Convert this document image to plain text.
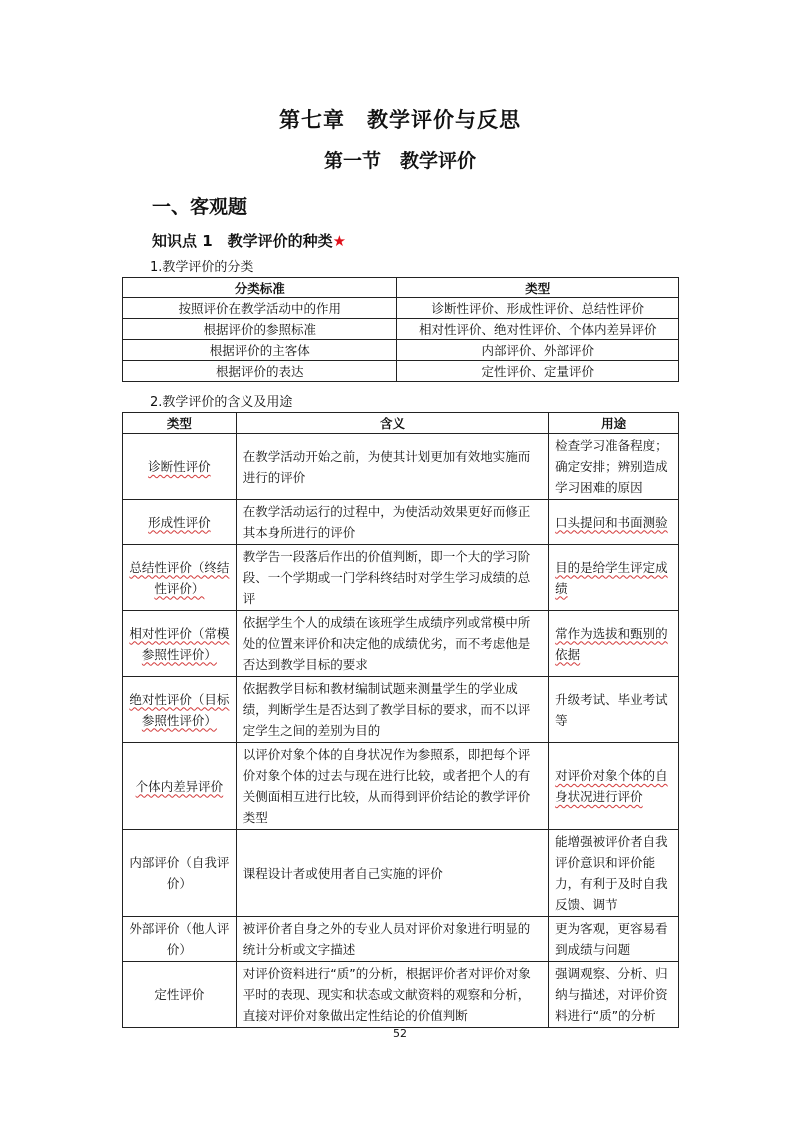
第七章　教学评价与反思
第一节　教学评价
一、客观题
知识点 1　教学评价的种类★
1.教学评价的分类
分类标准	类型
按照评价在教学活动中的作用	诊断性评价、形成性评价、总结性评价
根据评价的参照标准	相对性评价、绝对性评价、个体内差异评价
根据评价的主客体	内部评价、外部评价
根据评价的表达	定性评价、定量评价
2.教学评价的含义及用途
类型	含义	用途
诊断性评价	在教学活动开始之前，为使其计划更加有效地实施而进行的评价	检查学习准备程度；确定安排；辨别造成学习困难的原因
形成性评价	在教学活动运行的过程中，为使活动效果更好而修正其本身所进行的评价	口头提问和书面测验
总结性评价（终结性评价）	教学告一段落后作出的价值判断，即一个大的学习阶段、一个学期或一门学科终结时对学生学习成绩的总评	目的是给学生评定成绩
相对性评价（常模参照性评价）	依据学生个人的成绩在该班学生成绩序列或常模中所处的位置来评价和决定他的成绩优劣，而不考虑他是否达到教学目标的要求	常作为选拔和甄别的依据
绝对性评价（目标参照性评价）	依据教学目标和教材编制试题来测量学生的学业成绩，判断学生是否达到了教学目标的要求，而不以评定学生之间的差别为目的	升级考试、毕业考试等
个体内差异评价	以评价对象个体的自身状况作为参照系，即把每个评价对象个体的过去与现在进行比较，或者把个人的有关侧面相互进行比较，从而得到评价结论的教学评价类型	对评价对象个体的自身状况进行评价
内部评价（自我评价）	课程设计者或使用者自己实施的评价	能增强被评价者自我评价意识和评价能力，有利于及时自我反馈、调节
外部评价（他人评价）	被评价者自身之外的专业人员对评价对象进行明显的统计分析或文字描述	更为客观，更容易看到成绩与问题
定性评价	对评价资料进行“质”的分析，根据评价者对评价对象平时的表现、现实和状态或文献资料的观察和分析，直接对评价对象做出定性结论的价值判断	强调观察、分析、归纳与描述，对评价资料进行“质”的分析
52
